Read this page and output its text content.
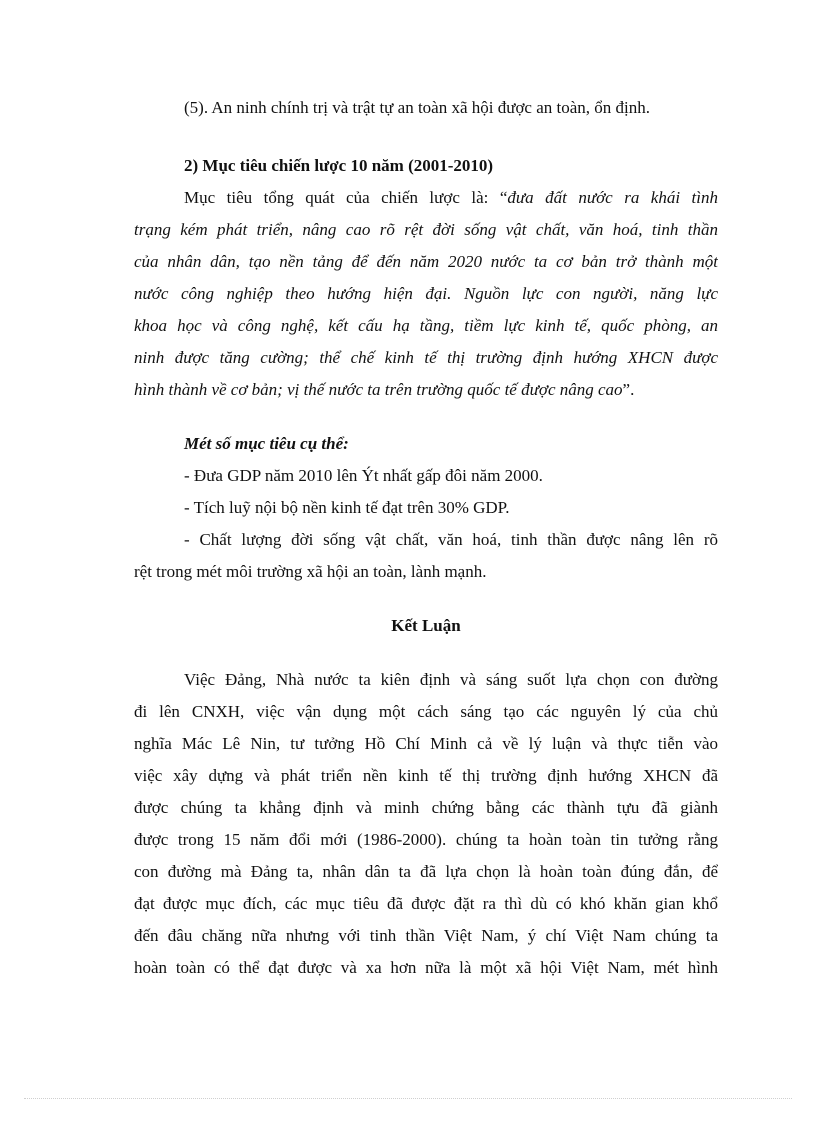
(5). An ninh chính trị và trật tự an toàn xã hội được an toàn, ổn định.
2) Mục tiêu chiến lược 10 năm (2001-2010)
Mục tiêu tổng quát của chiến lược là: “đưa đất nước ra khái tình
trạng kém phát triển, nâng cao rõ rệt đời sống vật chất, văn hoá, tinh thần
của nhân dân, tạo nền tảng để đến năm 2020 nước ta cơ bản trở thành một
nước công nghiệp theo hướng hiện đại. Nguồn lực con người, năng lực
khoa học và công nghệ, kết cấu hạ tầng, tiềm lực kinh tế, quốc phòng, an
ninh được tăng cường; thể chế kinh tế thị trường định hướng XHCN được
hình thành về cơ bản; vị thế nước ta trên trường quốc tế được nâng cao”.
Mét số mục tiêu cụ thể:
- Đưa GDP năm 2010 lên Ýt nhất gấp đôi năm 2000.
- Tích luỹ nội bộ nền kinh tế đạt trên 30% GDP.
- Chất lượng đời sống vật chất, văn hoá, tinh thần được nâng lên rõ
rệt trong mét môi trường xã hội an toàn, lành mạnh.
Kết Luận
Việc Đảng, Nhà nước ta kiên định và sáng suốt lựa chọn con đường
đi lên CNXH, việc vận dụng một cách sáng tạo các nguyên lý của chủ
nghĩa Mác Lê Nin, tư tưởng Hồ Chí Minh cả về lý luận và thực tiễn vào
việc xây dựng và phát triển nền kinh tế thị trường định hướng XHCN đã
được chúng ta khẳng định và minh chứng bằng các thành tựu đã giành
được trong 15 năm đổi mới (1986-2000). chúng ta hoàn toàn tin tưởng rằng
con đường mà Đảng ta, nhân dân ta đã lựa chọn là hoàn toàn đúng đắn, để
đạt được mục đích, các mục tiêu đã được đặt ra thì dù có khó khăn gian khổ
đến đâu chăng nữa nhưng với tinh thần Việt Nam, ý chí Việt Nam chúng ta
hoàn toàn có thể đạt được và xa hơn nữa là một xã hội Việt Nam, mét hình
